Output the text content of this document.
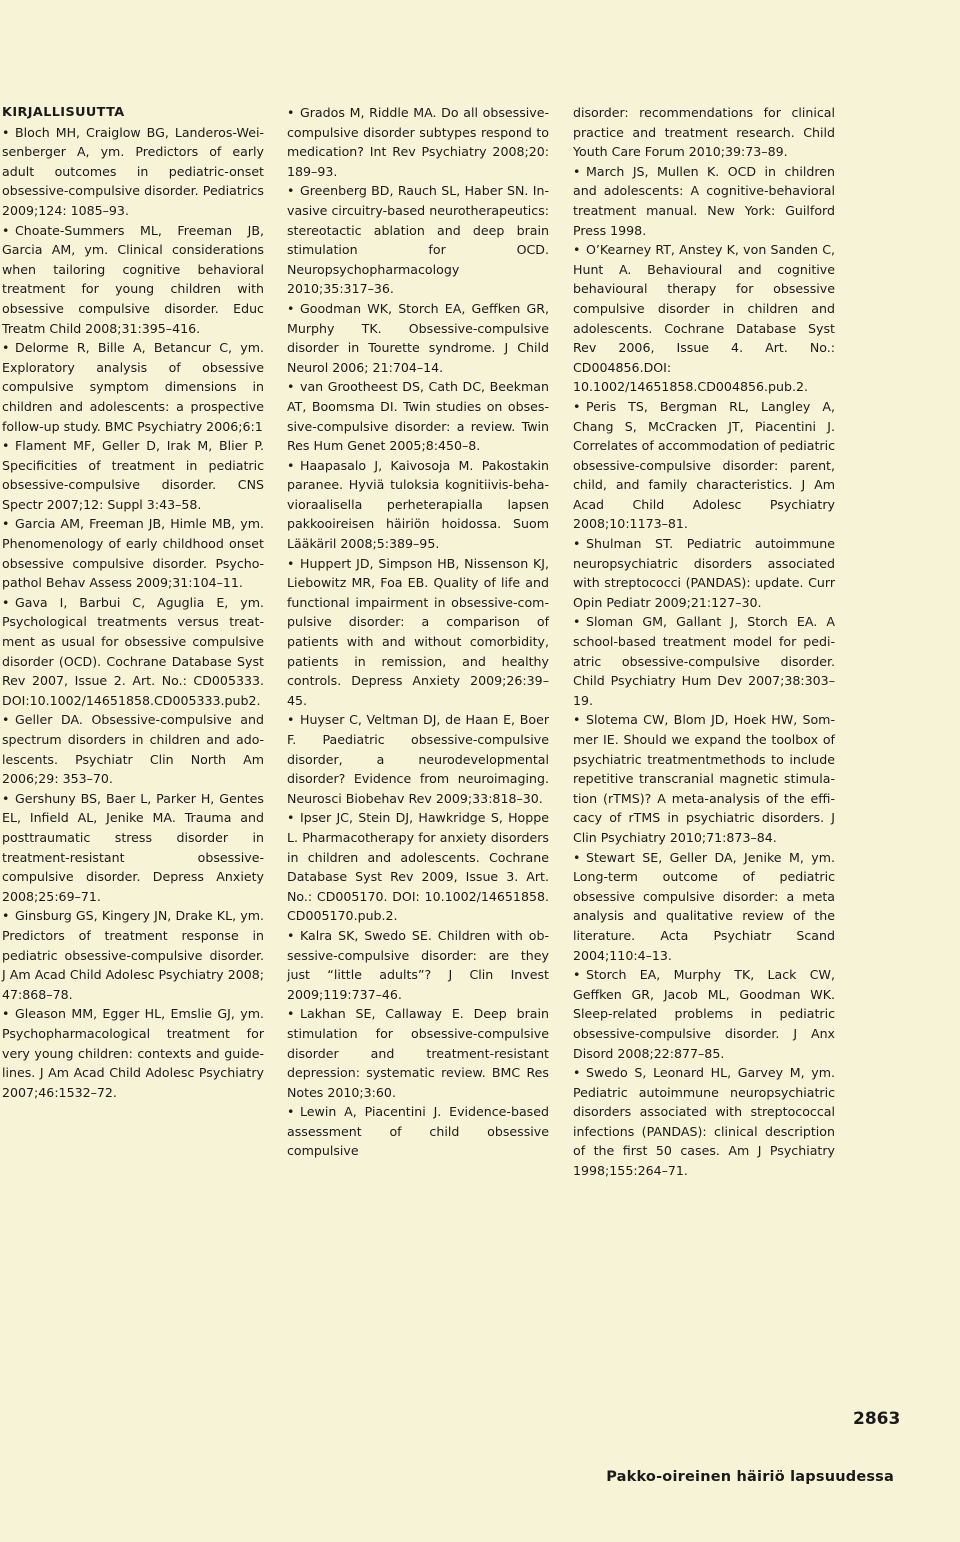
KIRJALLISUUTTA

• Bloch MH, Craiglow BG, Landeros-Weisenberger A, ym. Predictors of early adult outcomes in pediatric-onset obsessive-compulsive disorder. Pediatrics 2009;124: 1085–93.

• Choate-Summers ML, Freeman JB, Garcia AM, ym. Clinical considerations when tailoring cognitive behavioral treatment for young children with obsessive compulsive disorder. Educ Treatm Child 2008;31:395–416.

• Delorme R, Bille A, Betancur C, ym. Exploratory analysis of obsessive compulsive symptom dimensions in children and adolescents: a prospective follow-up study. BMC Psychiatry 2006;6:1

• Flament MF, Geller D, Irak M, Blier P. Specificities of treatment in pediatric obsessive-compulsive disorder. CNS Spectr 2007;12: Suppl 3:43–58.

• Garcia AM, Freeman JB, Himle MB, ym. Phenomenology of early childhood onset obsessive compulsive disorder. Psychopathol Behav Assess 2009;31:104–11.

• Gava I, Barbui C, Aguglia E, ym. Psychological treatments versus treatment as usual for obsessive compulsive disorder (OCD). Cochrane Database Syst Rev 2007, Issue 2. Art. No.: CD005333. DOI:10.1002/14651858.CD005333.pub2.

• Geller DA. Obsessive-compulsive and spectrum disorders in children and adolescents. Psychiatr Clin North Am 2006;29: 353–70.

• Gershuny BS, Baer L, Parker H, Gentes EL, Infield AL, Jenike MA. Trauma and posttraumatic stress disorder in treatment-resistant obsessive-compulsive disorder. Depress Anxiety 2008;25:69–71.

• Ginsburg GS, Kingery JN, Drake KL, ym. Predictors of treatment response in pediatric obsessive-compulsive disorder. J Am Acad Child Adolesc Psychiatry 2008; 47:868–78.

• Gleason MM, Egger HL, Emslie GJ, ym. Psychopharmacological treatment for very young children: contexts and guidelines. J Am Acad Child Adolesc Psychiatry 2007;46:1532–72.

• Grados M, Riddle MA. Do all obsessive-compulsive disorder subtypes respond to medication? Int Rev Psychiatry 2008;20: 189–93.

• Greenberg BD, Rauch SL, Haber SN. Invasive circuitry-based neurotherapeutics: stereotactic ablation and deep brain stimulation for OCD. Neuropsychopharmacology 2010;35:317–36.

• Goodman WK, Storch EA, Geffken GR, Murphy TK. Obsessive-compulsive disorder in Tourette syndrome. J Child Neurol 2006; 21:704–14.

• van Grootheest DS, Cath DC, Beekman AT, Boomsma DI. Twin studies on obsessive-compulsive disorder: a review. Twin Res Hum Genet 2005;8:450–8.

• Haapasalo J, Kaivosoja M. Pakostakin paranee. Hyviä tuloksia kognitiivis-behavioraalisella perheterapialla lapsen pakkooireisen häiriön hoidossa. Suom Lääkäril 2008;5:389–95.

• Huppert JD, Simpson HB, Nissenson KJ, Liebowitz MR, Foa EB. Quality of life and functional impairment in obsessive-compulsive disorder: a comparison of patients with and without comorbidity, patients in remission, and healthy controls. Depress Anxiety 2009;26:39–45.

• Huyser C, Veltman DJ, de Haan E, Boer F. Paediatric obsessive-compulsive disorder, a neurodevelopmental disorder? Evidence from neuroimaging. Neurosci Biobehav Rev 2009;33:818–30.

• Ipser JC, Stein DJ, Hawkridge S, Hoppe L. Pharmacotherapy for anxiety disorders in children and adolescents. Cochrane Database Syst Rev 2009, Issue 3. Art. No.: CD005170. DOI: 10.1002/14651858. CD005170.pub.2.

• Kalra SK, Swedo SE. Children with obsessive-compulsive disorder: are they just “little adults”? J Clin Invest 2009;119:737–46.

• Lakhan SE, Callaway E. Deep brain stimulation for obsessive-compulsive disorder and treatment-resistant depression: systematic review. BMC Res Notes 2010;3:60.

• Lewin A, Piacentini J. Evidence-based assessment of child obsessive compulsive

disorder: recommendations for clinical practice and treatment research. Child Youth Care Forum 2010;39:73–89.

• March JS, Mullen K. OCD in children and adolescents: A cognitive-behavioral treatment manual. New York: Guilford Press 1998.

• O’Kearney RT, Anstey K, von Sanden C, Hunt A. Behavioural and cognitive behavioural therapy for obsessive compulsive disorder in children and adolescents. Cochrane Database Syst Rev 2006, Issue 4. Art. No.: CD004856.DOI: 10.1002/14651858.CD004856.pub.2.

• Peris TS, Bergman RL, Langley A, Chang S, McCracken JT, Piacentini J. Correlates of accommodation of pediatric obsessive-compulsive disorder: parent, child, and family characteristics. J Am Acad Child Adolesc Psychiatry 2008;10:1173–81.

• Shulman ST. Pediatric autoimmune neuropsychiatric disorders associated with streptococci (PANDAS): update. Curr Opin Pediatr 2009;21:127–30.

• Sloman GM, Gallant J, Storch EA. A school-based treatment model for pediatric obsessive-compulsive disorder. Child Psychiatry Hum Dev 2007;38:303–19.

• Slotema CW, Blom JD, Hoek HW, Sommer IE. Should we expand the toolbox of psychiatric treatmentmethods to include repetitive transcranial magnetic stimulation (rTMS)? A meta-analysis of the efficacy of rTMS in psychiatric disorders. J Clin Psychiatry 2010;71:873–84.

• Stewart SE, Geller DA, Jenike M, ym. Long-term outcome of pediatric obsessive compulsive disorder: a meta analysis and qualitative review of the literature. Acta Psychiatr Scand 2004;110:4–13.

• Storch EA, Murphy TK, Lack CW, Geffken GR, Jacob ML, Goodman WK. Sleep-related problems in pediatric obsessive-compulsive disorder. J Anx Disord 2008;22:877–85.

• Swedo S, Leonard HL, Garvey M, ym. Pediatric autoimmune neuropsychiatric disorders associated with streptococcal infections (PANDAS): clinical description of the first 50 cases. Am J Psychiatry 1998;155:264–71.

2863
Pakko-oireinen häiriö lapsuudessa
